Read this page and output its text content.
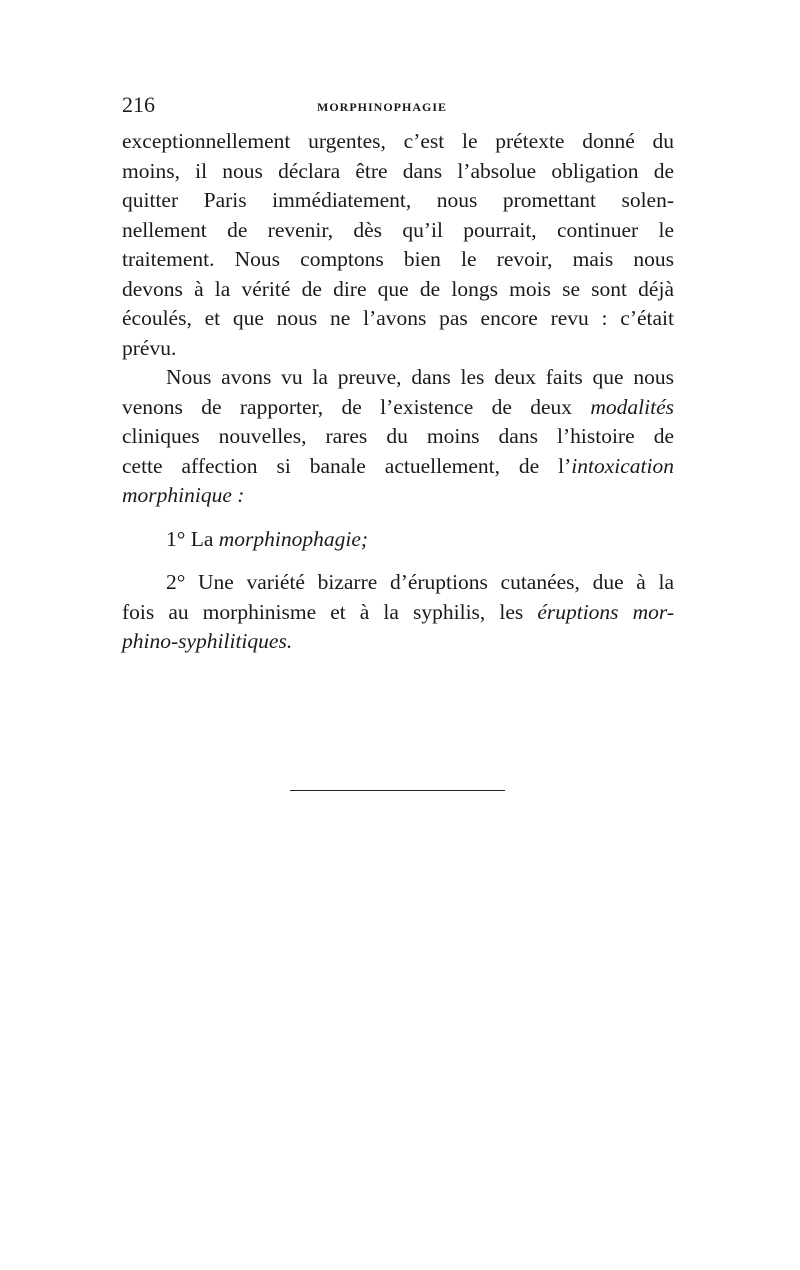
216	MORPHINOPHAGIE
exceptionnellement urgentes, c’est le prétexte donné du
moins, il nous déclara être dans l’absolue obligation de
quitter Paris immédiatement, nous promettant solen-
nellement de revenir, dès qu’il pourrait, continuer le
traitement. Nous comptons bien le revoir, mais nous
devons à la vérité de dire que de longs mois se sont déjà
écoulés, et que nous ne l’avons pas encore revu : c’était
prévu.
Nous avons vu la preuve, dans les deux faits que nous
venons de rapporter, de l’existence de deux modalités
cliniques nouvelles, rares du moins dans l’histoire de
cette affection si banale actuellement, de l’intoxication
morphinique :
1° La morphinophagie;
2° Une variété bizarre d’éruptions cutanées, due à la
fois au morphinisme et à la syphilis, les éruptions mor-
phino-syphilitiques.
